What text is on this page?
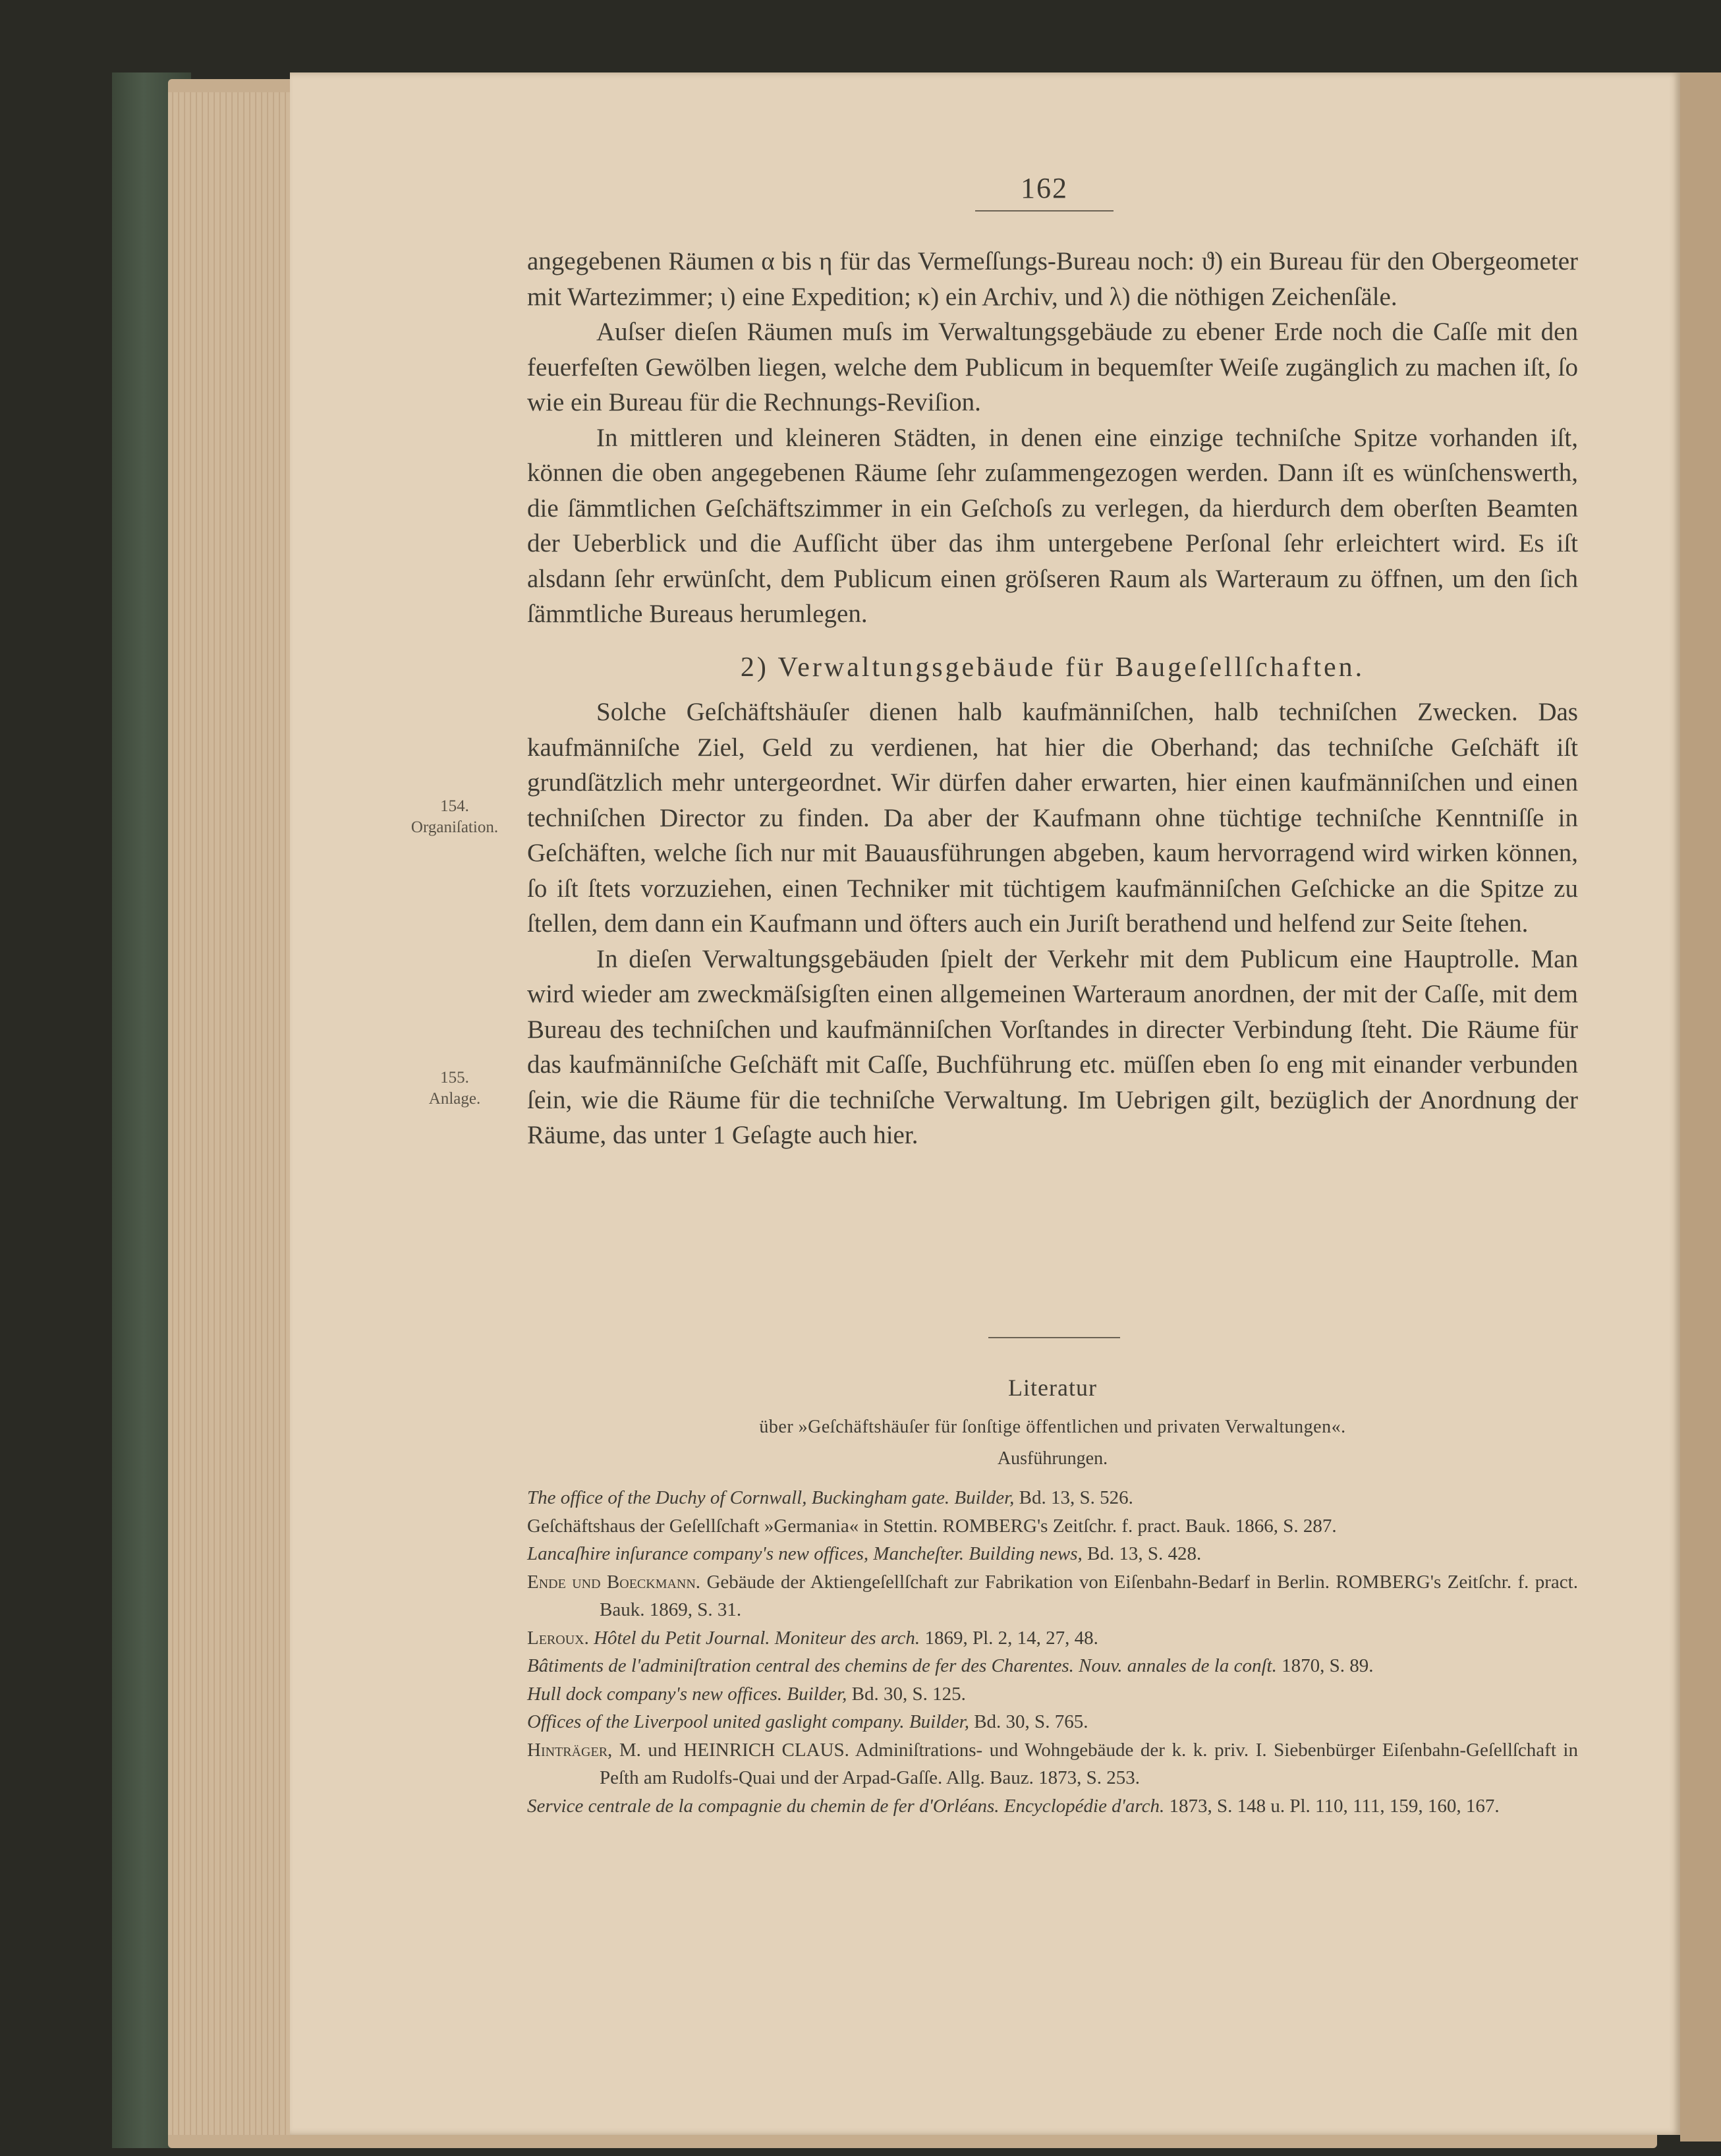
162
154.
Organiſation.
155.
Anlage.

angegebenen Räumen α bis η für das Vermeſſungs-Bureau noch: ϑ) ein Bureau für den Obergeometer mit Wartezimmer; ι) eine Expedition; κ) ein Archiv, und λ) die nöthigen Zeichenſäle.

Auſser dieſen Räumen muſs im Verwaltungsgebäude zu ebener Erde noch die Caſſe mit den feuerfeſten Gewölben liegen, welche dem Publicum in bequemſter Weiſe zugänglich zu machen iſt, ſo wie ein Bureau für die Rechnungs-Reviſion.

In mittleren und kleineren Städten, in denen eine einzige techniſche Spitze vorhanden iſt, können die oben angegebenen Räume ſehr zuſammengezogen werden. Dann iſt es wünſchenswerth, die ſämmtlichen Geſchäftszimmer in ein Geſchoſs zu verlegen, da hierdurch dem oberſten Beamten der Ueberblick und die Aufſicht über das ihm untergebene Perſonal ſehr erleichtert wird. Es iſt alsdann ſehr erwünſcht, dem Publicum einen gröſseren Raum als Warteraum zu öffnen, um den ſich ſämmtliche Bureaus herumlegen.

2) Verwaltungsgebäude für Baugeſellſchaften.

Solche Geſchäftshäuſer dienen halb kaufmänniſchen, halb techniſchen Zwecken. Das kaufmänniſche Ziel, Geld zu verdienen, hat hier die Oberhand; das techniſche Geſchäft iſt grundſätzlich mehr untergeordnet. Wir dürfen daher erwarten, hier einen kaufmänniſchen und einen techniſchen Director zu finden. Da aber der Kaufmann ohne tüchtige techniſche Kenntniſſe in Geſchäften, welche ſich nur mit Bauausführungen abgeben, kaum hervorragend wird wirken können, ſo iſt ſtets vorzuziehen, einen Techniker mit tüchtigem kaufmänniſchen Geſchicke an die Spitze zu ſtellen, dem dann ein Kaufmann und öfters auch ein Juriſt berathend und helfend zur Seite ſtehen.

In dieſen Verwaltungsgebäuden ſpielt der Verkehr mit dem Publicum eine Hauptrolle. Man wird wieder am zweckmäſsigſten einen allgemeinen Warteraum anordnen, der mit der Caſſe, mit dem Bureau des techniſchen und kaufmänniſchen Vorſtandes in directer Verbindung ſteht. Die Räume für das kaufmänniſche Geſchäft mit Caſſe, Buchführung etc. müſſen eben ſo eng mit einander verbunden ſein, wie die Räume für die techniſche Verwaltung. Im Uebrigen gilt, bezüglich der Anordnung der Räume, das unter 1 Geſagte auch hier.

Literatur
über »Geſchäftshäuſer für ſonſtige öffentlichen und privaten Verwaltungen«.
Ausführungen.
The office of the Duchy of Cornwall, Buckingham gate. Builder, Bd. 13, S. 526.
Geſchäftshaus der Geſellſchaft »Germania« in Stettin. ROMBERG's Zeitſchr. f. pract. Bauk. 1866, S. 287.
Lancaſhire inſurance company's new offices, Mancheſter. Building news, Bd. 13, S. 428.
Ende und Boeckmann. Gebäude der Aktiengeſellſchaft zur Fabrikation von Eiſenbahn-Bedarf in Berlin. ROMBERG's Zeitſchr. f. pract. Bauk. 1869, S. 31.
Leroux. Hôtel du Petit Journal. Moniteur des arch. 1869, Pl. 2, 14, 27, 48.
Bâtiments de l'adminiſtration central des chemins de fer des Charentes. Nouv. annales de la conſt. 1870, S. 89.
Hull dock company's new offices. Builder, Bd. 30, S. 125.
Offices of the Liverpool united gaslight company. Builder, Bd. 30, S. 765.
Hinträger, M. und HEINRICH CLAUS. Adminiſtrations- und Wohngebäude der k. k. priv. I. Siebenbürger Eiſenbahn-Geſellſchaft in Peſth am Rudolfs-Quai und der Arpad-Gaſſe. Allg. Bauz. 1873, S. 253.
Service centrale de la compagnie du chemin de fer d'Orléans. Encyclopédie d'arch. 1873, S. 148 u. Pl. 110, 111, 159, 160, 167.
